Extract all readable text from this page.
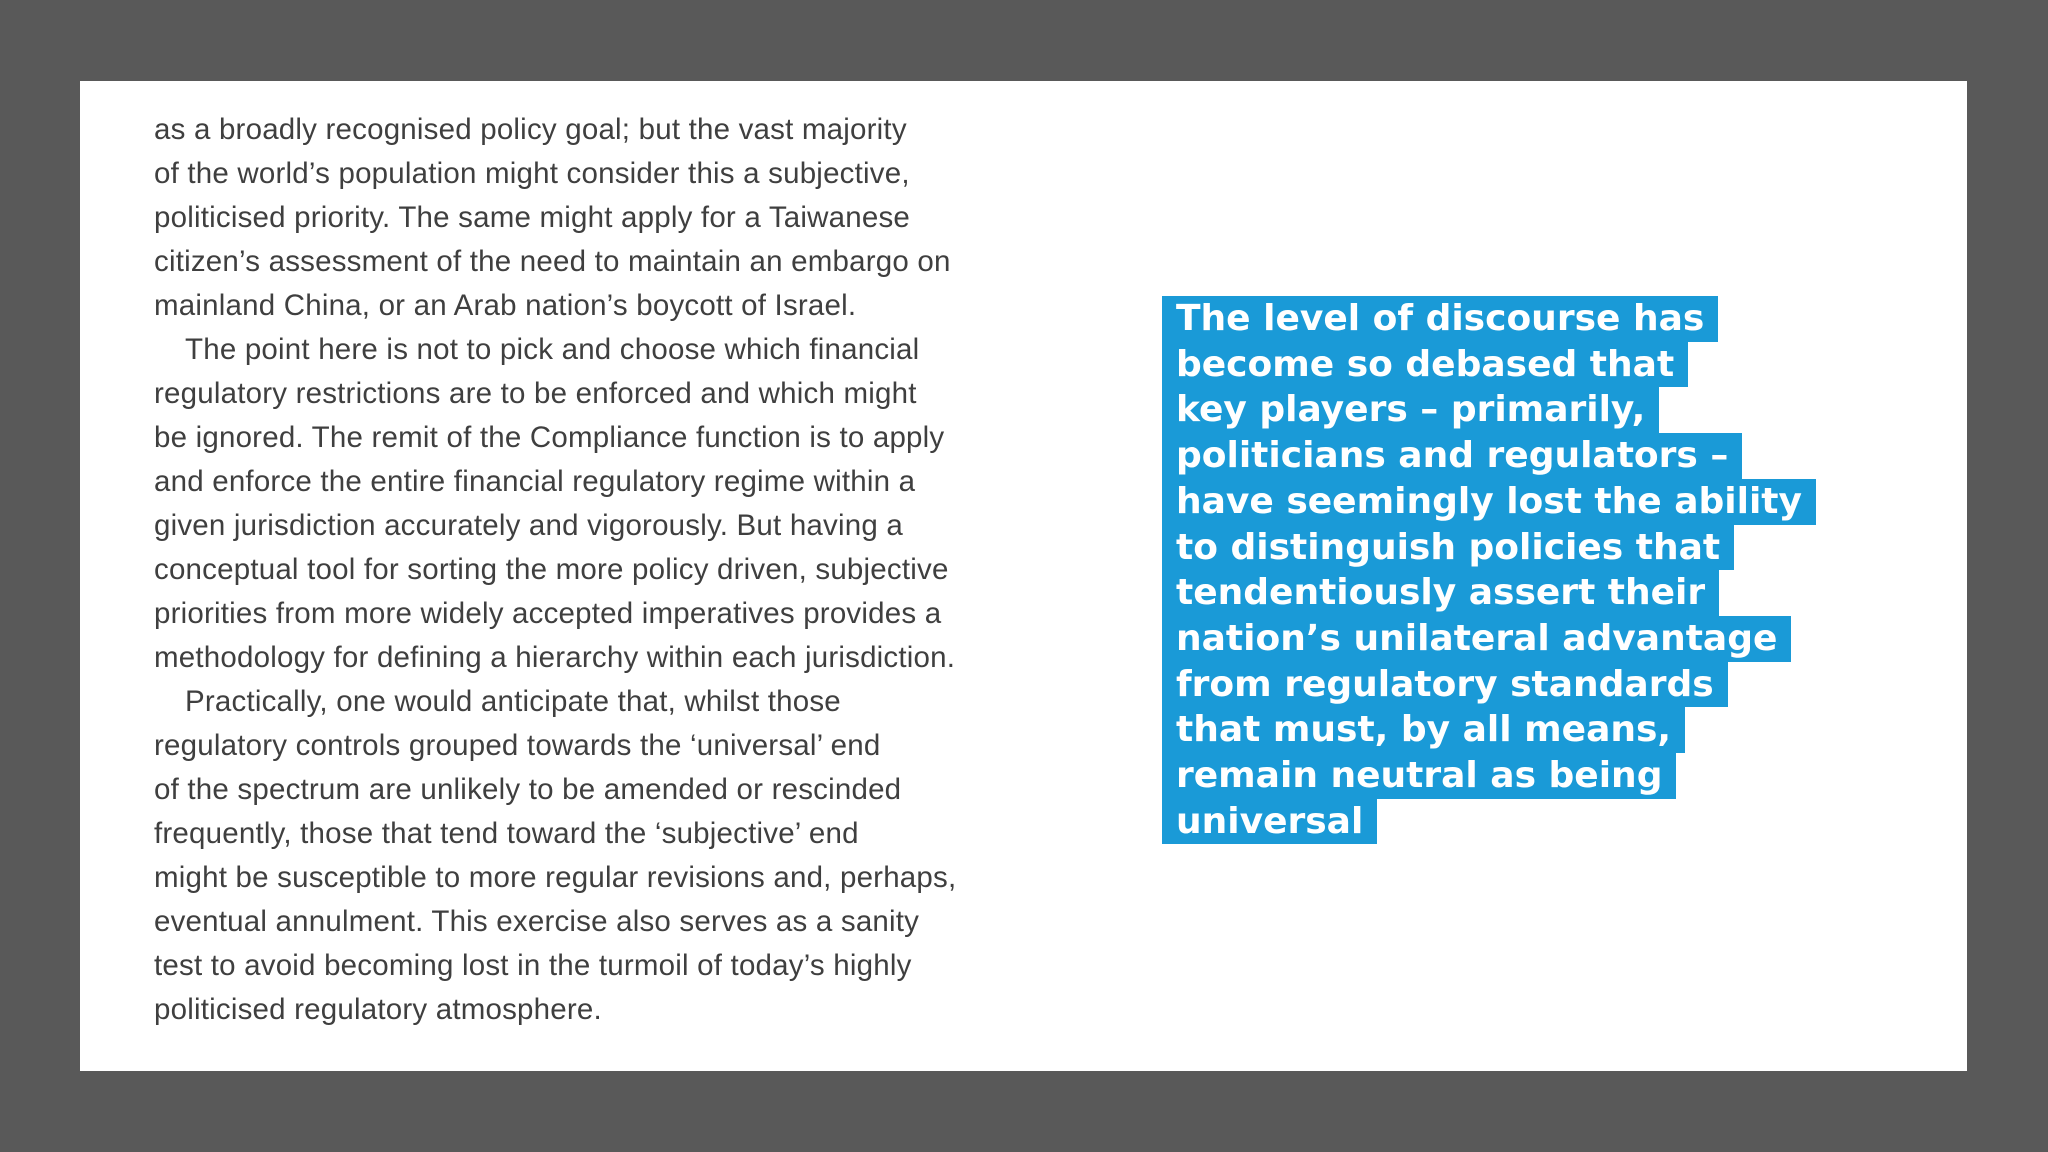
as a broadly recognised policy goal; but the vast majority
of the world’s population might consider this a subjective,
politicised priority. The same might apply for a Taiwanese
citizen’s assessment of the need to maintain an embargo on
mainland China, or an Arab nation’s boycott of Israel.
The point here is not to pick and choose which financial
regulatory restrictions are to be enforced and which might
be ignored. The remit of the Compliance function is to apply
and enforce the entire financial regulatory regime within a
given jurisdiction accurately and vigorously. But having a
conceptual tool for sorting the more policy driven, subjective
priorities from more widely accepted imperatives provides a
methodology for defining a hierarchy within each jurisdiction.
Practically, one would anticipate that, whilst those
regulatory controls grouped towards the ‘universal’ end
of the spectrum are unlikely to be amended or rescinded
frequently, those that tend toward the ‘subjective’ end
might be susceptible to more regular revisions and, perhaps,
eventual annulment. This exercise also serves as a sanity
test to avoid becoming lost in the turmoil of today’s highly
politicised regulatory atmosphere.
The level of discourse has
become so debased that
key players – primarily,
politicians and regulators –
have seemingly lost the ability
to distinguish policies that
tendentiously assert their
nation’s unilateral advantage
from regulatory standards
that must, by all means,
remain neutral as being
universal
